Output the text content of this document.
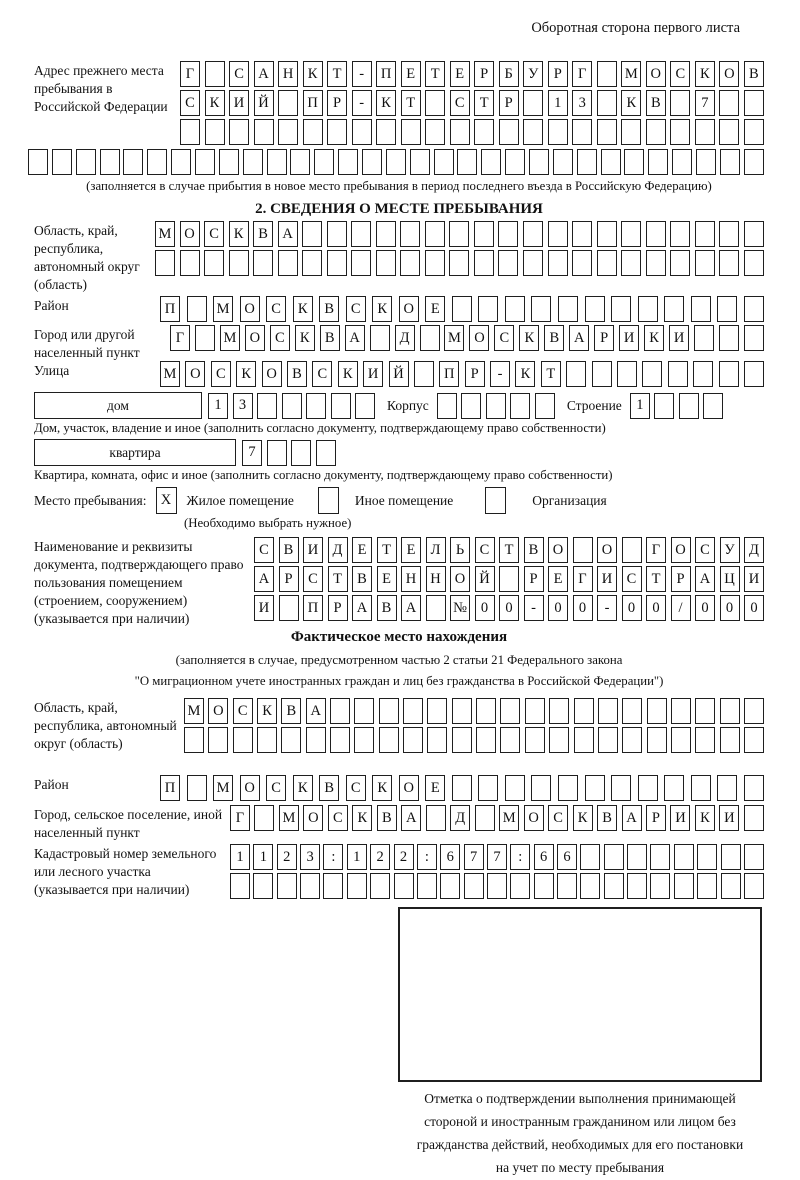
Оборотная сторона первого листа
Адрес прежнего места пребывания в Российской Федерации
Г	С А Н К	Т	-	П	Е	Т	Е	Р	Б	У	Р	Г	М О С	К О В
С	К И Й	П	Р	-	К	Т	С	Т	Р	1	3	К	В	7
(заполняется в случае прибытия в новое место пребывания в период последнего въезда в Российскую Федерацию)
2. СВЕДЕНИЯ О МЕСТЕ ПРЕБЫВАНИЯ
Область, край, республика, автономный округ (область)
М О С	К	В А
Район	П	М	О	С	К	В	С	К	О	Е
Город или другой населенный пункт
Г	М О	С	К	В	А	Д	М О	С	К	В	А	Р	И	К	И
Улица	М О	С	К	О	В	С	К	И	Й	П	Р	-	К	Т
дом	1	3	Корпус	Строение 1
Дом, участок, владение и иное (заполнить согласно документу, подтверждающему право собственности)
квартира	7
Квартира, комната, офис и иное (заполнить согласно документу, подтверждающему право собственности)
Место пребывания: X	Жилое помещение	Иное помещение	Организация
(Необходимо выбрать нужное)
Наименование и реквизиты документа, подтверждающего право пользования помещением (строением, сооружением) (указывается при наличии)
С	В И Д	Е	Т	Е	Л	Ь	С	Т	В О	О	Г	О С	У Д
А	Р	С	Т	В	Е	Н Н О Й	Р	Е	Г	И С	Т	Р	А Ц И
И	П	Р	А В А	№ 0	0	-	0	0	-	0	0	/	0	0	0
Фактическое место нахождения
(заполняется в случае, предусмотренном частью 2 статьи 21 Федерального закона
"О миграционном учете иностранных граждан и лиц без гражданства в Российской Федерации")
Область, край, республика, автономный округ (область)
М О С	К	В А
Район	П	М	О	С	К	В	С	К	О	Е
Город, сельское поселение, иной населенный пункт
Г	М О С	К	В А	Д	М О С	К	В А	Р	И К И
Кадастровый номер земельного или лесного участка (указывается при наличии)
1	1	2	3	:	1	2	2	:	6	7	7	:	6	6
Отметка о подтверждении выполнения принимающей
стороной и иностранным гражданином или лицом без
гражданства действий, необходимых для его постановки
на учет по месту пребывания
